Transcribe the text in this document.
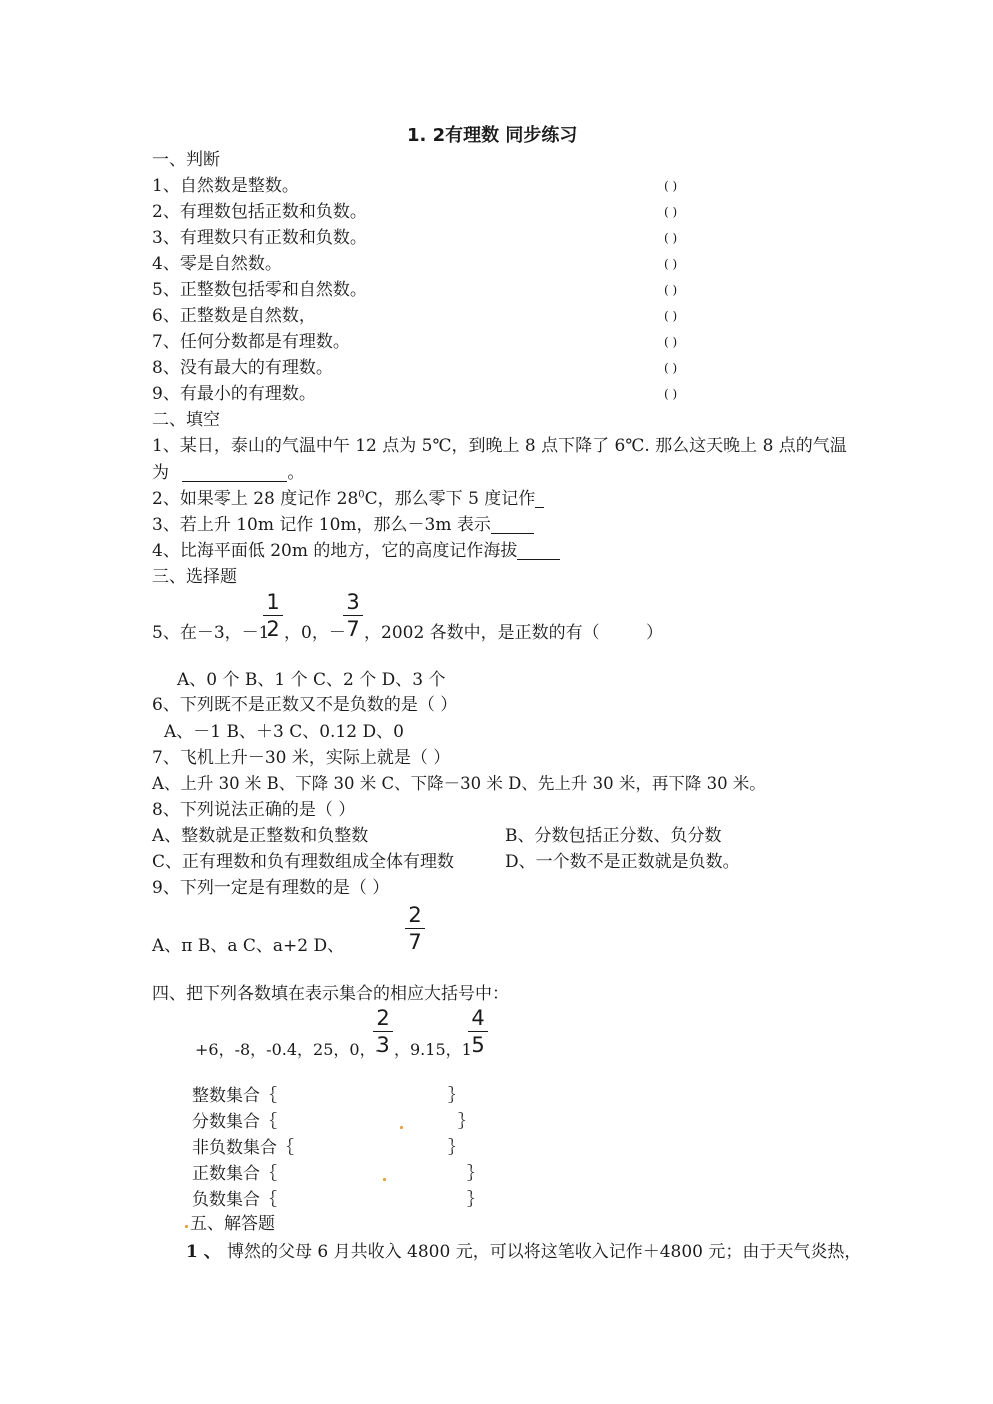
1. 2有理数 同步练习
一、判断
1、自然数是整数。	( )
2、有理数包括正数和负数。	( )
3、有理数只有正数和负数。	( )
4、零是自然数。	( )
5、正整数包括零和自然数。	( )
6、正整数是自然数，	( )
7、任何分数都是有理数。	( )
8、没有最大的有理数。	( )
9、有最小的有理数。	( )
二、填空
1、某日，泰山的气温中午 12 点为 5℃，到晚上 8 点下降了 6℃. 那么这天晚上 8 点的气温
为	。
2、如果零上 28 度记作 $28^0C$，那么零下 5 度记作
3、若上升 10m 记作 10m，那么－3m 表示
4、比海平面低 20m 的地方，它的高度记作海拔
三、选择题
5、在－3，－1
1
2 ，0，－
3
7 ，2002 各数中，是正数的有（	）
A、0 个 B、1 个 C、2 个 D、3 个
6、下列既不是正数又不是负数的是（ ）
A、－1 B、＋3 C、0.12 D、0
7、飞机上升－30 米，实际上就是（ ）
A、上升 30 米 B、下降 30 米 C、下降－30 米 D、先上升 30 米，再下降 30 米。
8、下列说法正确的是（ ）
A、整数就是正整数和负整数	B、分数包括正分数、负分数
C、正有理数和负有理数组成全体有理数	D、一个数不是正数就是负数。
9、下列一定是有理数的是（ ）
A、π B、a C、a+2 D、
2
7
四、把下列各数填在表示集合的相应大括号中：
+6，-8，-0.4，25，0，-
2
3 ，9.15，1
4
5
整数集合｛	｝
分数集合｛	｝
非负数集合｛	｝
正数集合｛	｝
负数集合｛	｝
五、解答题
1 、 博然的父母 6 月共收入 4800 元，可以将这笔收入记作＋4800 元；由于天气炎热，
